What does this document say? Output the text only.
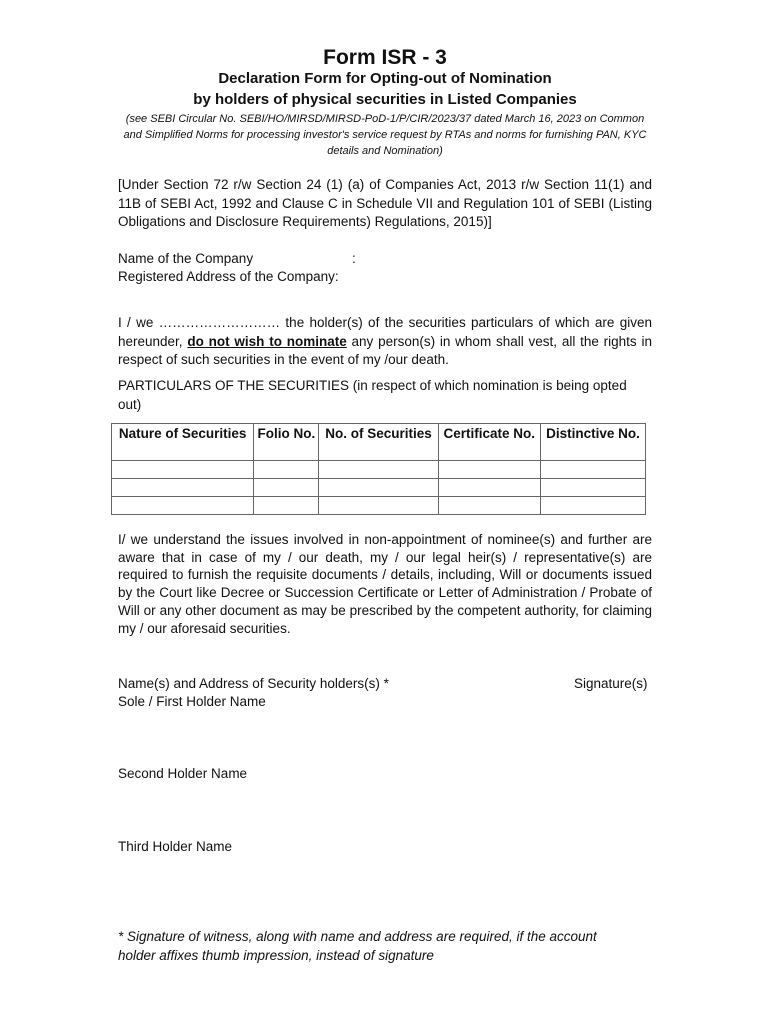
Form ISR - 3
Declaration Form for Opting-out of Nomination
by holders of physical securities in Listed Companies
(see SEBI Circular No. SEBI/HO/MIRSD/MIRSD-PoD-1/P/CIR/2023/37 dated March 16, 2023 on Common and Simplified Norms for processing investor's service request by RTAs and norms for furnishing PAN, KYC details and Nomination)
[Under Section 72 r/w Section 24 (1) (a) of Companies Act, 2013 r/w Section 11(1) and 11B of SEBI Act, 1992 and Clause C in Schedule VII and Regulation 101 of SEBI (Listing Obligations and Disclosure Requirements) Regulations, 2015)]
Name of the Company	:
Registered Address of the Company:
I / we ……………………… the holder(s) of the securities particulars of which are given hereunder, do not wish to nominate any person(s) in whom shall vest, all the rights in respect of such securities in the event of my /our death.
PARTICULARS OF THE SECURITIES (in respect of which nomination is being opted out)
Nature of Securities	Folio No.	No. of Securities	Certificate No.	Distinctive No.

I/ we understand the issues involved in non-appointment of nominee(s) and further are aware that in case of my / our death, my / our legal heir(s) / representative(s) are required to furnish the requisite documents / details, including, Will or documents issued by the Court like Decree or Succession Certificate or Letter of Administration / Probate of Will or any other document as may be prescribed by the competent authority, for claiming my / our aforesaid securities.
Name(s) and Address of Security holders(s) *	Signature(s)
Sole / First Holder Name
Second Holder Name
Third Holder Name
* Signature of witness, along with name and address are required, if the account holder affixes thumb impression, instead of signature
